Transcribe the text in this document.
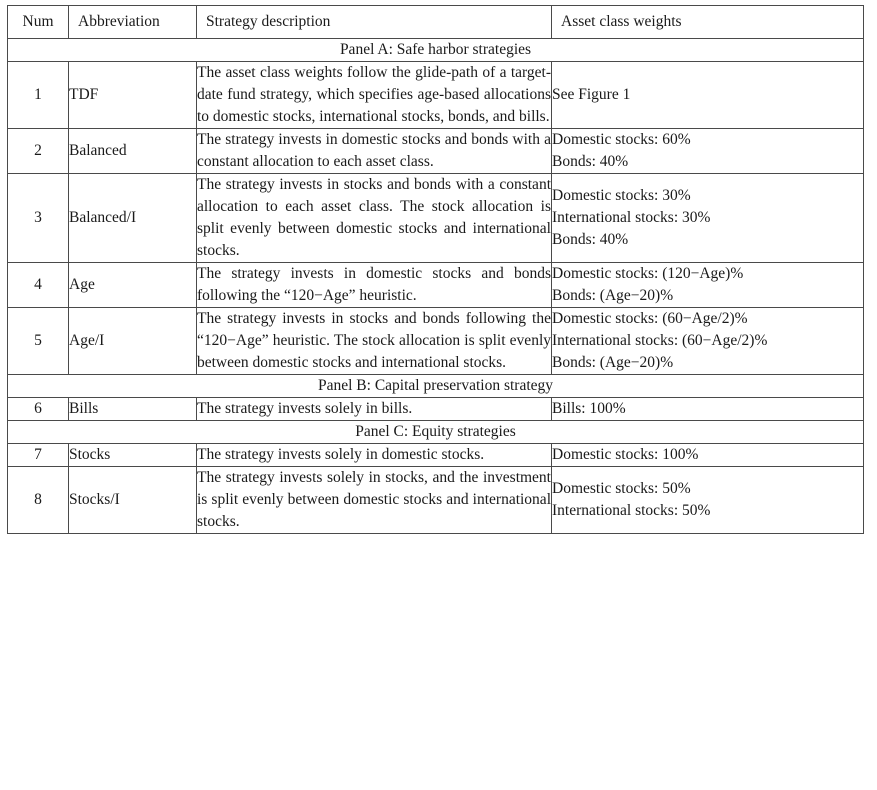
Num	Abbreviation	Strategy description	Asset class weights

Panel A: Safe harbor strategies			
1	TDF	The asset class weights follow the glide-path of a target-date fund strategy, which specifies age-based allocations to domestic stocks, international stocks, bonds, and bills.	See Figure 1

2	Balanced	The strategy invests in domestic stocks and bonds with a constant allocation to each asset class.	Domestic stocks: 60%
Bonds: 40%

3	Balanced/I	The strategy invests in stocks and bonds with a constant allocation to each asset class. The stock allocation is split evenly between domestic stocks and international stocks.	Domestic stocks: 30%
International stocks: 30%
Bonds: 40%

4	Age	The strategy invests in domestic stocks and bonds following the “120−Age” heuristic.	Domestic stocks: (120−Age)%
Bonds: (Age−20)%

5	Age/I	The strategy invests in stocks and bonds following the “120−Age” heuristic. The stock allocation is split evenly between domestic stocks and international stocks.	Domestic stocks: (60−Age/2)%
International stocks: (60−Age/2)%
Bonds: (Age−20)%

Panel B: Capital preservation strategy			
6	Bills	The strategy invests solely in bills.	Bills: 100%

Panel C: Equity strategies			
7	Stocks	The strategy invests solely in domestic stocks.	Domestic stocks: 100%

8	Stocks/I	The strategy invests solely in stocks, and the investment is split evenly between domestic stocks and international stocks.	Domestic stocks: 50%
International stocks: 50%
